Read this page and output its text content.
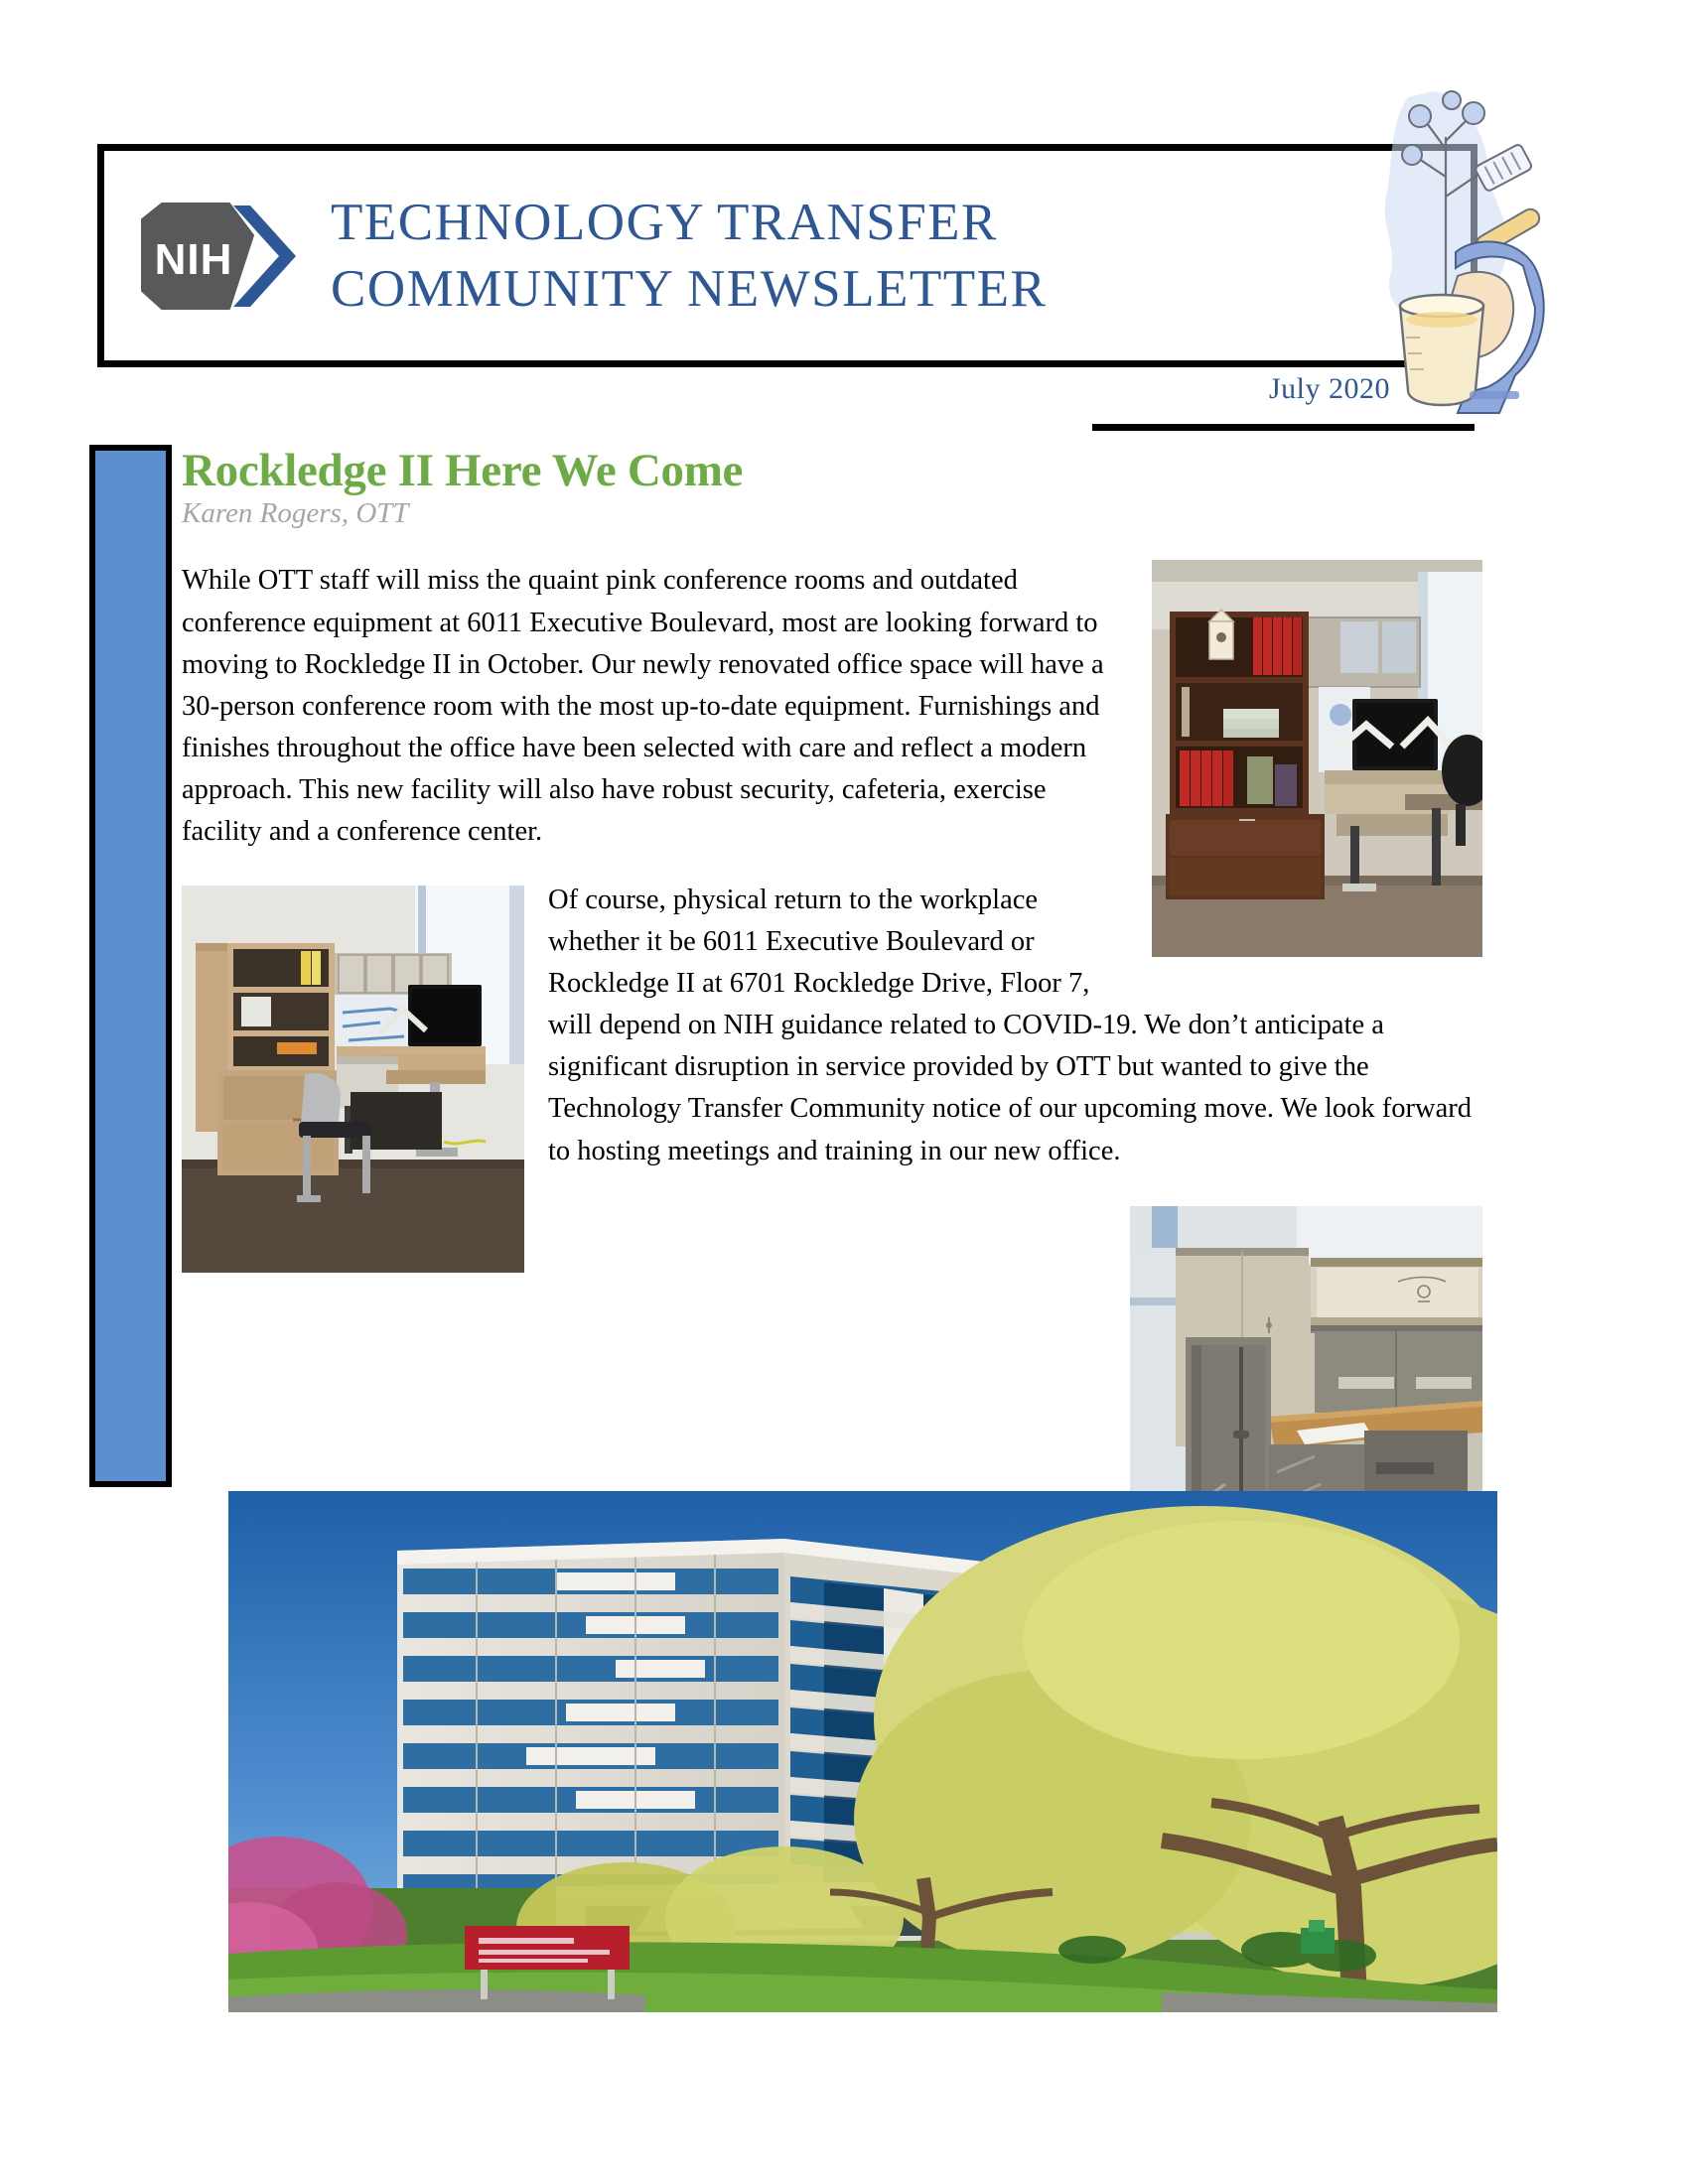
NIH
TECHNOLOGY TRANSFER
COMMUNITY NEWSLETTER
July 2020
Rockledge II Here We Come
Karen Rogers, OTT

While OTT staff will miss the quaint pink conference rooms and outdated conference equipment at 6011 Executive Boulevard, most are looking forward to moving to Rockledge II in October. Our newly renovated office space will have a 30-person conference room with the most up-to-date equipment. Furnishings and finishes throughout the office have been selected with care and reflect a modern approach. This new facility will also have robust security, cafeteria, exercise facility and a conference center.

Of course, physical return to the workplace whether it be 6011 Executive Boulevard or Rockledge II at 6701 Rockledge Drive, Floor 7, will depend on NIH guidance related to COVID-19. We don’t anticipate a significant disruption in service provided by OTT but wanted to give the Technology Transfer Community notice of our upcoming move. We look forward to hosting meetings and training in our new office.
